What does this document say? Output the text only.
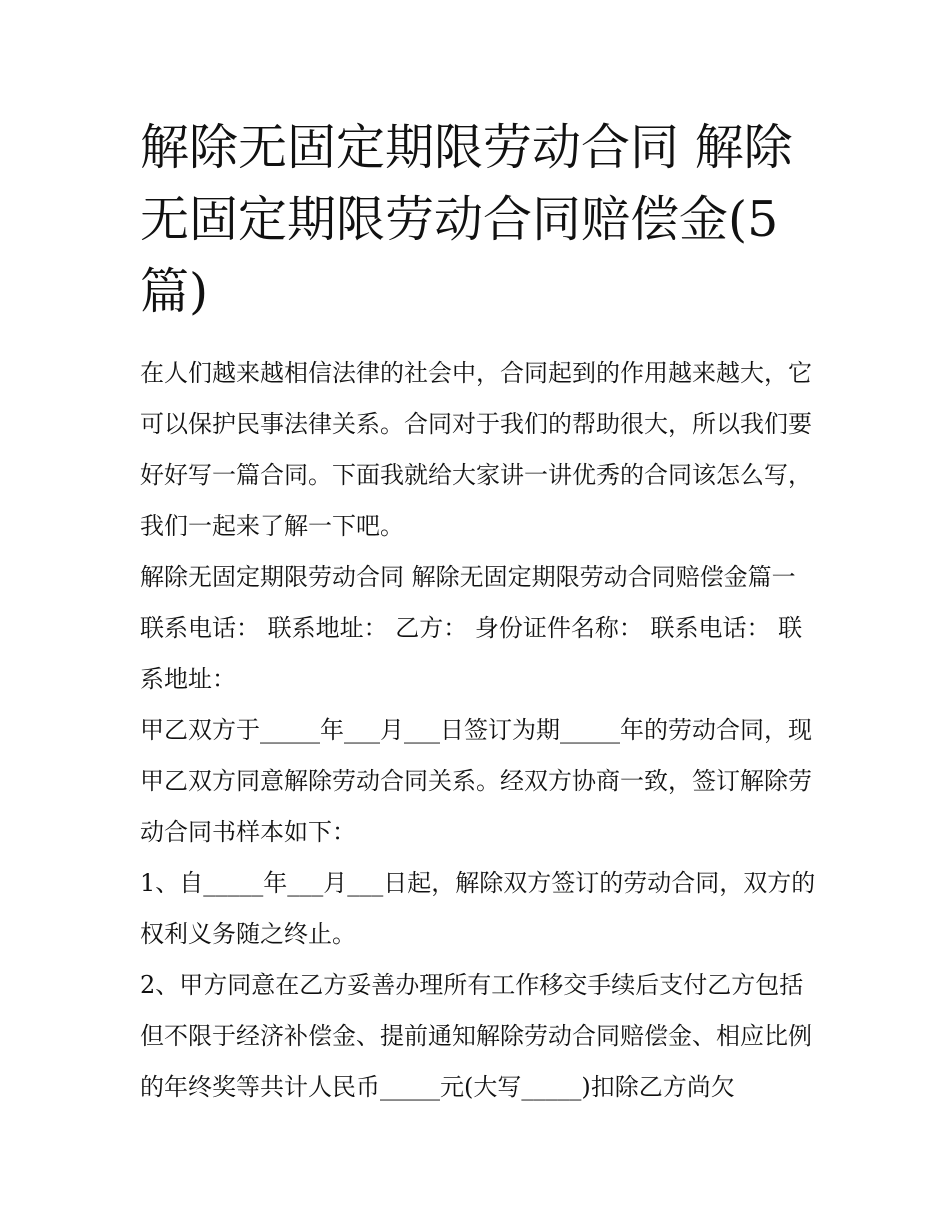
解除无固定期限劳动合同 解除无固定期限劳动合同赔偿金(5篇)

在人们越来越相信法律的社会中，合同起到的作用越来越大，它可以保护民事法律关系。合同对于我们的帮助很大，所以我们要好好写一篇合同。下面我就给大家讲一讲优秀的合同该怎么写，我们一起来了解一下吧。

解除无固定期限劳动合同 解除无固定期限劳动合同赔偿金篇一 联系电话： 联系地址： 乙方： 身份证件名称： 联系电话： 联系地址：

甲乙双方于_____年___月___日签订为期_____年的劳动合同，现甲乙双方同意解除劳动合同关系。经双方协商一致，签订解除劳动合同书样本如下：

1、自_____年___月___日起，解除双方签订的劳动合同，双方的权利义务随之终止。

2、甲方同意在乙方妥善办理所有工作移交手续后支付乙方包括但不限于经济补偿金、提前通知解除劳动合同赔偿金、相应比例的年终奖等共计人民币_____元(大写_____)扣除乙方尚欠
